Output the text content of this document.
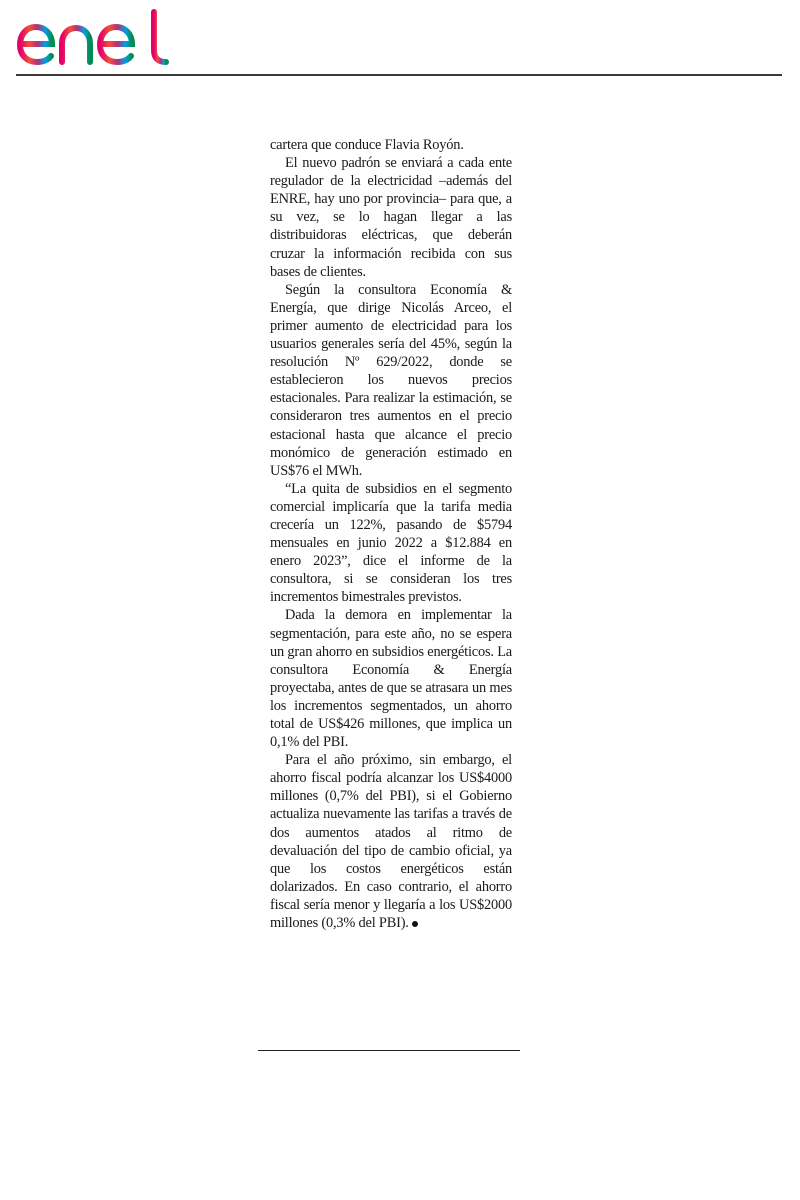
cartera que conduce Flavia Royón.

El nuevo padrón se enviará a cada ente regulador de la electricidad –además del ENRE, hay uno por provincia– para que, a su vez, se lo hagan llegar a las distribuidoras eléctricas, que deberán cruzar la información recibida con sus bases de clientes.

Según la consultora Economía & Energía, que dirige Nicolás Arceo, el primer aumento de electricidad para los usuarios generales sería del 45%, según la resolución Nº 629/2022, donde se establecieron los nuevos precios estacionales. Para realizar la estimación, se consideraron tres aumentos en el precio estacional hasta que alcance el precio monómico de generación estimado en US$76 el MWh.

“La quita de subsidios en el segmento comercial implicaría que la tarifa media crecería un 122%, pasando de $5794 mensuales en junio 2022 a $12.884 en enero 2023”, dice el informe de la consultora, si se consideran los tres incrementos bimestrales previstos.

Dada la demora en implementar la segmentación, para este año, no se espera un gran ahorro en subsidios energéticos. La consultora Economía & Energía proyectaba, antes de que se atrasara un mes los incrementos segmentados, un ahorro total de US$426 millones, que implica un 0,1% del PBI.

Para el año próximo, sin embargo, el ahorro fiscal podría alcanzar los US$4000 millones (0,7% del PBI), si el Gobierno actualiza nuevamente las tarifas a través de dos aumentos atados al ritmo de devaluación del tipo de cambio oficial, ya que los costos energéticos están dolarizados. En caso contrario, el ahorro fiscal sería menor y llegaría a los US$2000 millones (0,3% del PBI).
